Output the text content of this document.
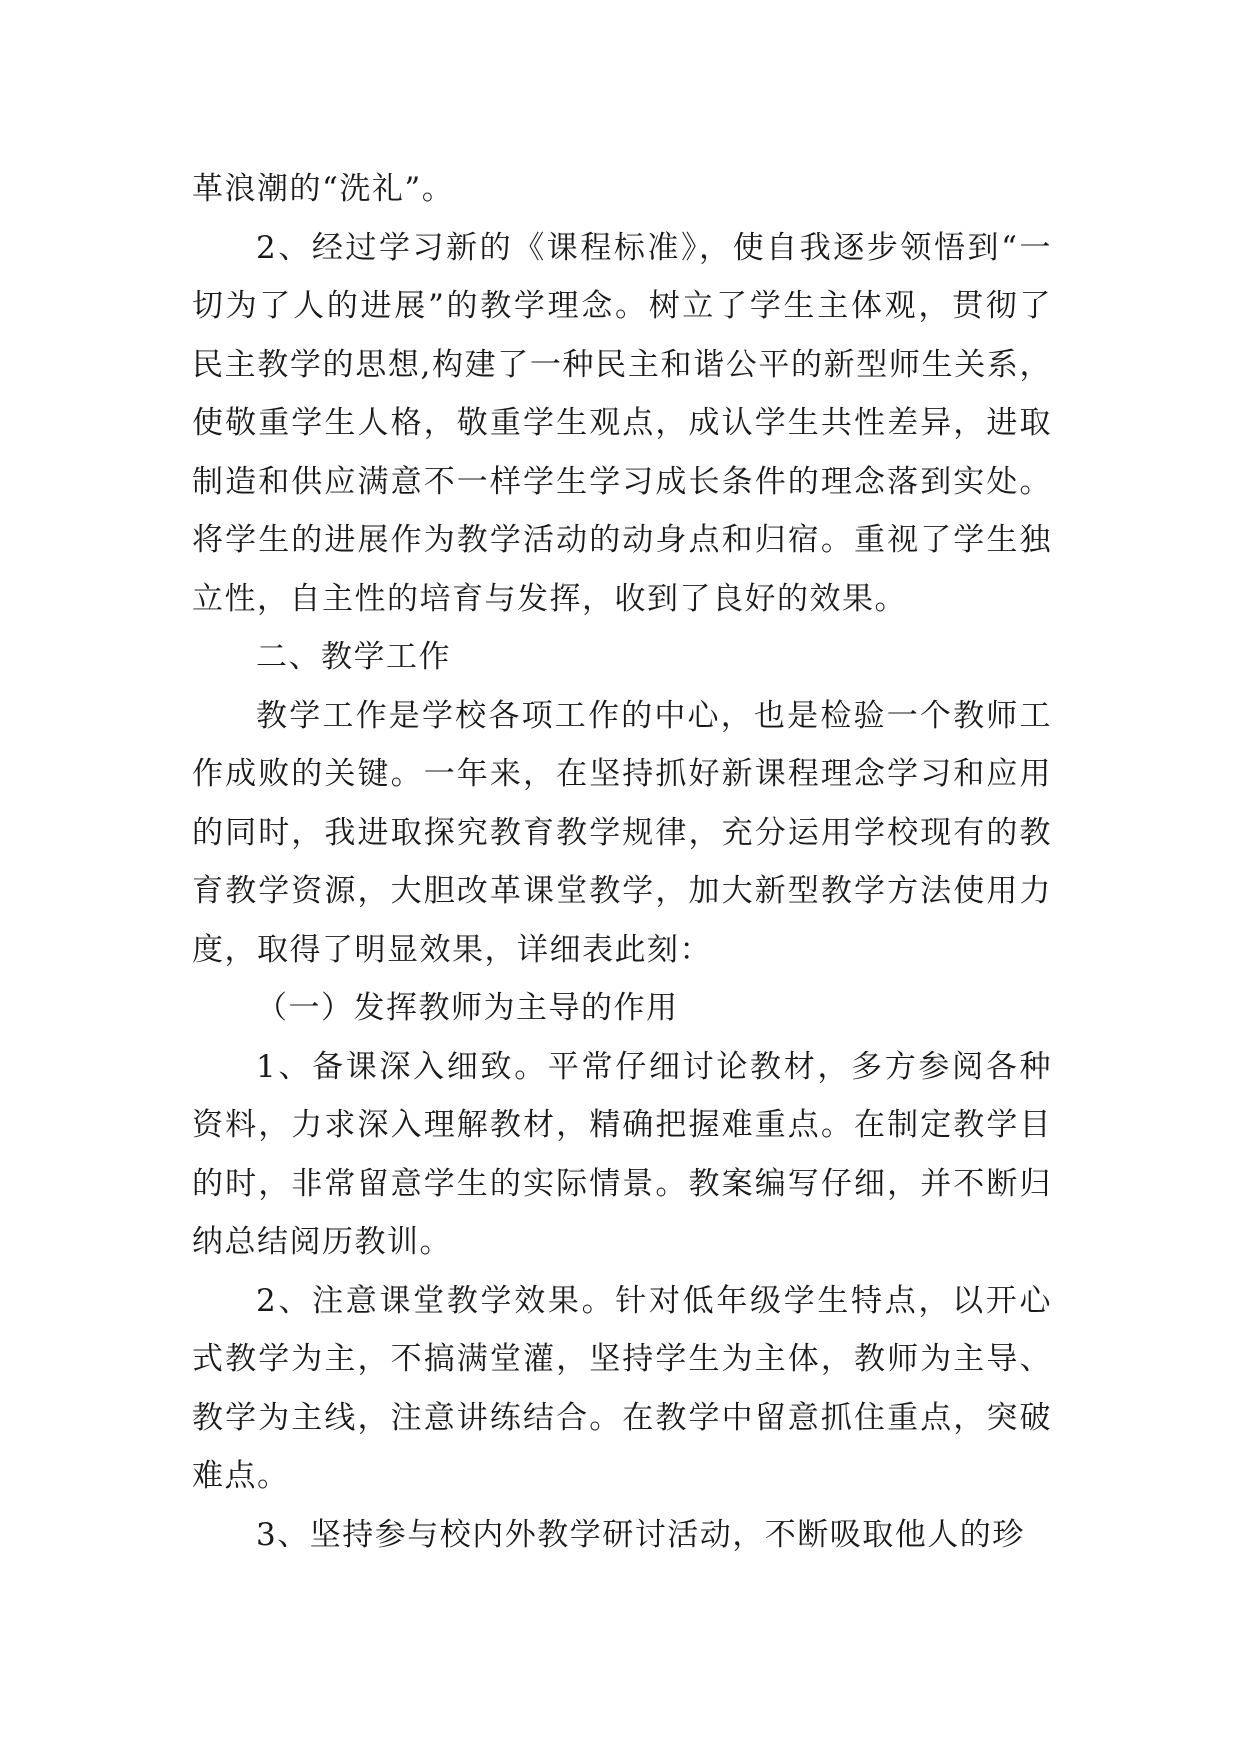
革浪潮的“洗礼”。

2、经过学习新的《课程标准》，使自我逐步领悟到“一切为了人的进展”的教学理念。树立了学生主体观，贯彻了民主教学的思想,构建了一种民主和谐公平的新型师生关系，使敬重学生人格，敬重学生观点，成认学生共性差异，进取制造和供应满意不一样学生学习成长条件的理念落到实处。将学生的进展作为教学活动的动身点和归宿。重视了学生独立性，自主性的培育与发挥，收到了良好的效果。

二、教学工作

教学工作是学校各项工作的中心，也是检验一个教师工作成败的关键。一年来，在坚持抓好新课程理念学习和应用的同时，我进取探究教育教学规律，充分运用学校现有的教育教学资源，大胆改革课堂教学，加大新型教学方法使用力度，取得了明显效果，详细表此刻：

（一）发挥教师为主导的作用

1、备课深入细致。平常仔细讨论教材，多方参阅各种资料，力求深入理解教材，精确把握难重点。在制定教学目的时，非常留意学生的实际情景。教案编写仔细，并不断归纳总结阅历教训。

2、注意课堂教学效果。针对低年级学生特点，以开心式教学为主，不搞满堂灌，坚持学生为主体，教师为主导、教学为主线，注意讲练结合。在教学中留意抓住重点，突破难点。

3、坚持参与校内外教学研讨活动，不断吸取他人的珍
